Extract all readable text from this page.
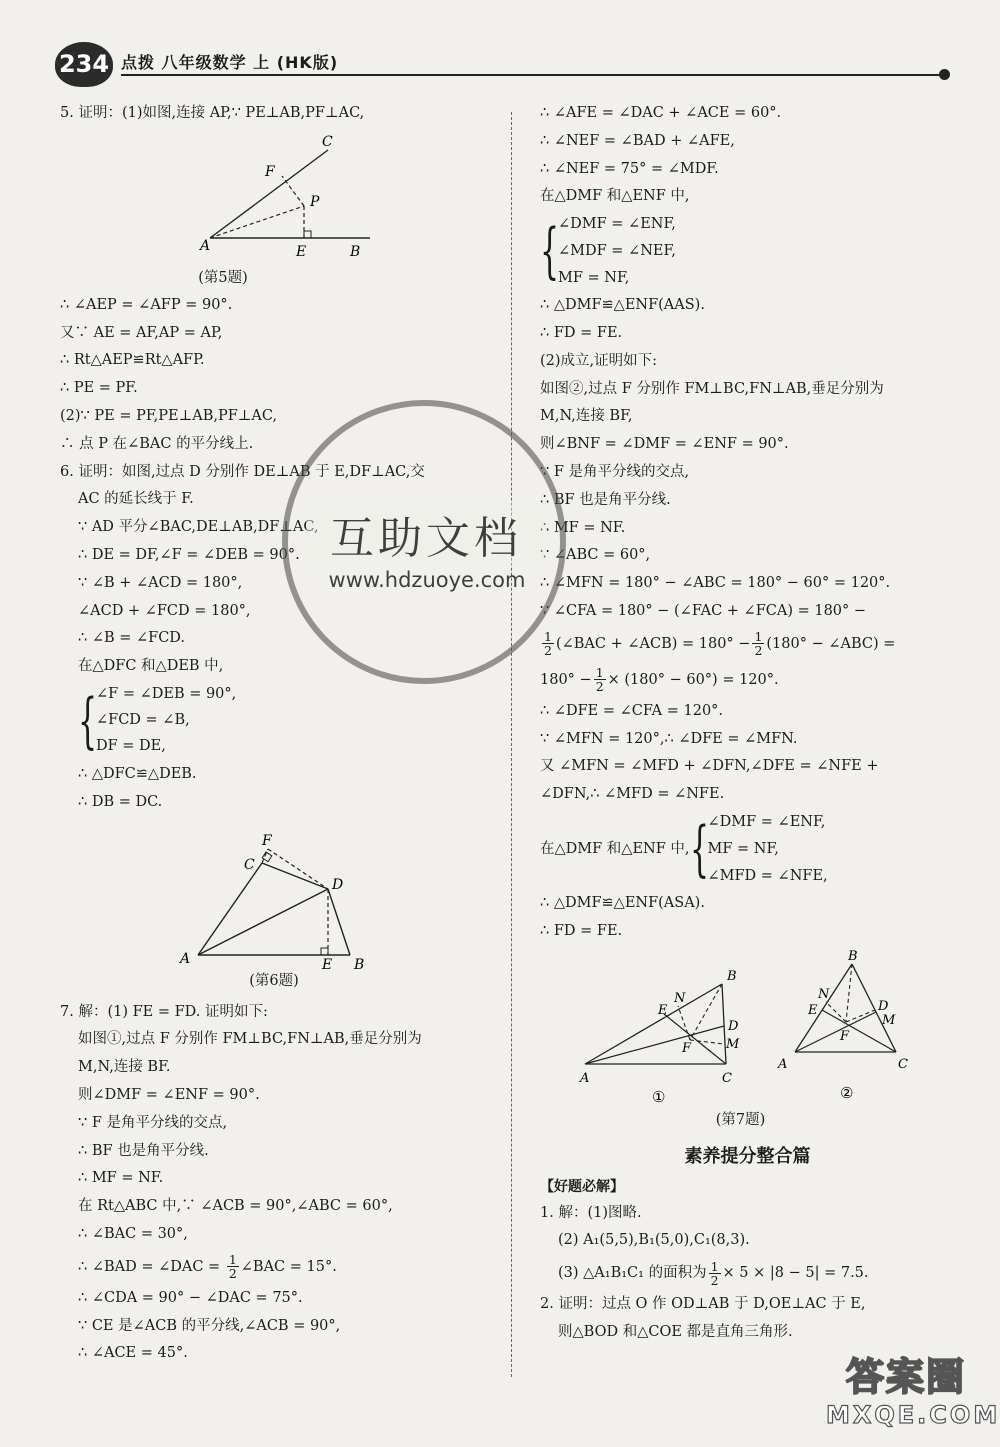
234 点拨 八年级数学 上 (HK版)
5. 证明：(1)如图,连接 AP,∵ PE⊥AB,PF⊥AC,
A	B
E
C
F
P
(第5题)
∴ ∠AEP = ∠AFP = 90°.
又∵ AE = AF,AP = AP,
∴ Rt△AEP≌Rt△AFP.
∴ PE = PF.
(2)∵ PE = PF,PE⊥AB,PF⊥AC,
∴ 点 P 在∠BAC 的平分线上.
6. 证明：如图,过点 D 分别作 DE⊥AB 于 E,DF⊥AC,交
AC 的延长线于 F.
∵ AD 平分∠BAC,DE⊥AB,DF⊥AC,
∴ DE = DF,∠F = ∠DEB = 90°.
∵ ∠B + ∠ACD = 180°,
∠ACD + ∠FCD = 180°,
∴ ∠B = ∠FCD.
在△DFC 和△DEB 中,
{
∠F = ∠DEB = 90°,
∠FCD = ∠B,
DF = DE,
∴ △DFC≌△DEB.
∴ DB = DC.
A	B
E
C
F
D
(第6题)
7. 解：(1) FE = FD. 证明如下:
如图①,过点 F 分别作 FM⊥BC,FN⊥AB,垂足分别为
M,N,连接 BF.
则∠DMF = ∠ENF = 90°.
∵ F 是角平分线的交点,
∴ BF 也是角平分线.
∴ MF = NF.
在 Rt△ABC 中,∵ ∠ACB = 90°,∠ABC = 60°,
∴ ∠BAC = 30°,
∴ ∠BAD = ∠DAC = $\frac{1}{2}$ ∠BAC = 15°.
∴ ∠CDA = 90° − ∠DAC = 75°.
∵ CE 是∠ACB 的平分线,∠ACB = 90°,
∴ ∠ACE = 45°.
∴ ∠AFE = ∠DAC + ∠ACE = 60°.
∴ ∠NEF = ∠BAD + ∠AFE,
∴ ∠NEF = 75° = ∠MDF.
在△DMF 和△ENF 中,
{
∠DMF = ∠ENF,
∠MDF = ∠NEF,
MF = NF,
∴ △DMF≌△ENF(AAS).
∴ FD = FE.
(2)成立,证明如下:
如图②,过点 F 分别作 FM⊥BC,FN⊥AB,垂足分别为
M,N,连接 BF,
则∠BNF = ∠DMF = ∠ENF = 90°.
∵ F 是角平分线的交点,
∴ BF 也是角平分线.
∴ MF = NF.
∵ ∠ABC = 60°,
∴ ∠MFN = 180° − ∠ABC = 180° − 60° = 120°.
∵ ∠CFA = 180° − (∠FAC + ∠FCA) = 180° −
$\frac{1}{2}$ (∠BAC + ∠ACB) = $180^\circ - \frac{1}{2} (180^\circ$ − ∠ABC) =
$180^\circ - \frac{1}{2} \times (180^\circ - 60^\circ) = 120^\circ$.
∴ ∠DFE = ∠CFA = 120°.
∵ ∠MFN = 120°,∴ ∠DFE = ∠MFN.
又 ∠MFN = ∠MFD + ∠DFN,∠DFE = ∠NFE +
∠DFN,∴ ∠MFD = ∠NFE.
在△DMF 和△ENF 中, {
∠DMF = ∠ENF,
MF = NF,
∠MFD = ∠NFE,
∴ △DMF≌△ENF(ASA).
∴ FD = FE.
A
B
C
D
E
F	M
N
①
A
B
C
D
E
F
M
N
②
(第7题)
素养提分整合篇
【好题必解】
1. 解：(1)图略.
(2) A₁(5,5),B₁(5,0),C₁(8,3).
(3) △A₁B₁C₁ 的面积为 $\frac{1}{2} \times 5 \times |8 - 5| = 7.5$.
2. 证明：过点 O 作 OD⊥AB 于 D,OE⊥AC 于 E,
则△BOD 和△COE 都是直角三角形.
互助文档
www.hdzuoye.com
答案圈
MXQE.COM
